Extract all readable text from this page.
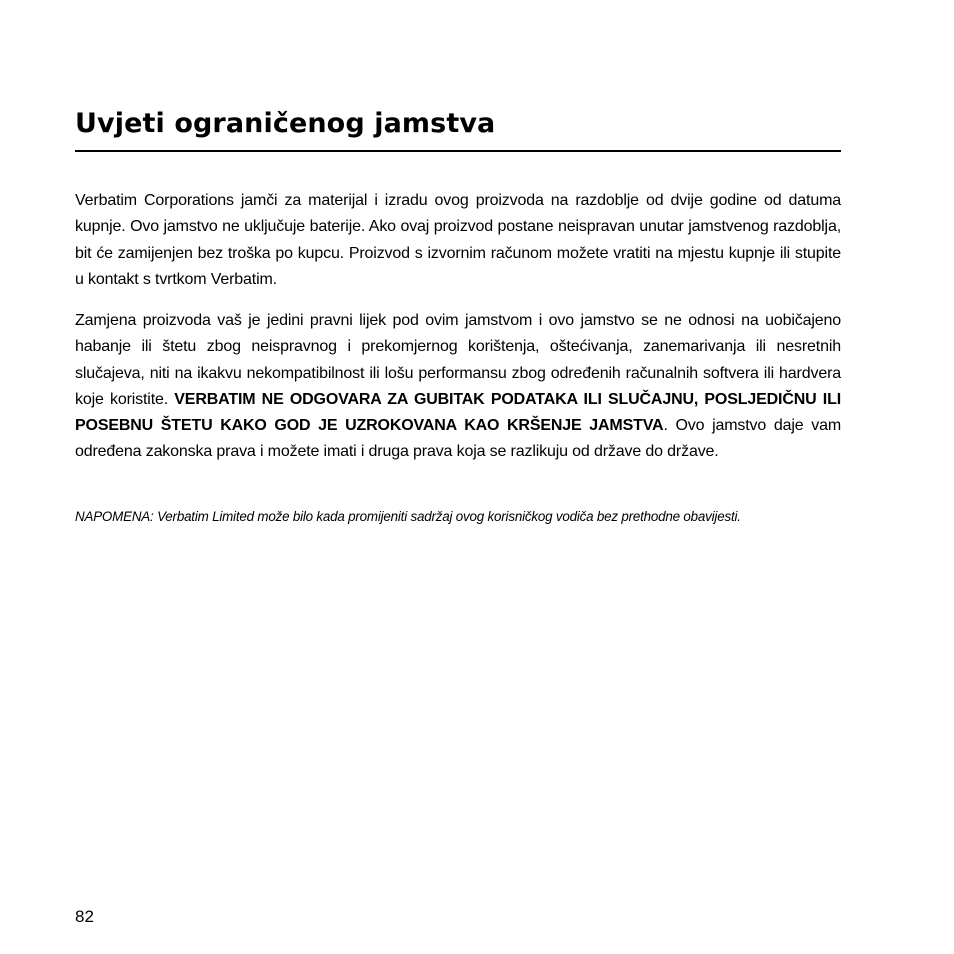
Uvjeti ograničenog jamstva

Verbatim Corporations jamči za materijal i izradu ovog proizvoda na razdoblje od dvije godine od datuma kupnje. Ovo jamstvo ne uključuje baterije. Ako ovaj proizvod postane neispravan unutar jamstvenog razdoblja, bit će zamijenjen bez troška po kupcu. Proizvod s izvornim računom možete vratiti na mjestu kupnje ili stupite u kontakt s tvrtkom Verbatim.

Zamjena proizvoda vaš je jedini pravni lijek pod ovim jamstvom i ovo jamstvo se ne odnosi na uobičajeno habanje ili štetu zbog neispravnog i prekomjernog korištenja, oštećivanja, zanemarivanja ili nesretnih slučajeva, niti na ikakvu nekompatibilnost ili lošu performansu zbog određenih računalnih softvera ili hardvera koje koristite. VERBATIM NE ODGOVARA ZA GUBITAK PODATAKA ILI SLUČAJNU, POSLJEDIČNU ILI POSEBNU ŠTETU KAKO GOD JE UZROKOVANA KAO KRŠENJE JAMSTVA. Ovo jamstvo daje vam određena zakonska prava i možete imati i druga prava koja se razlikuju od države do države.

NAPOMENA: Verbatim Limited može bilo kada promijeniti sadržaj ovog korisničkog vodiča bez prethodne obavijesti.

82
